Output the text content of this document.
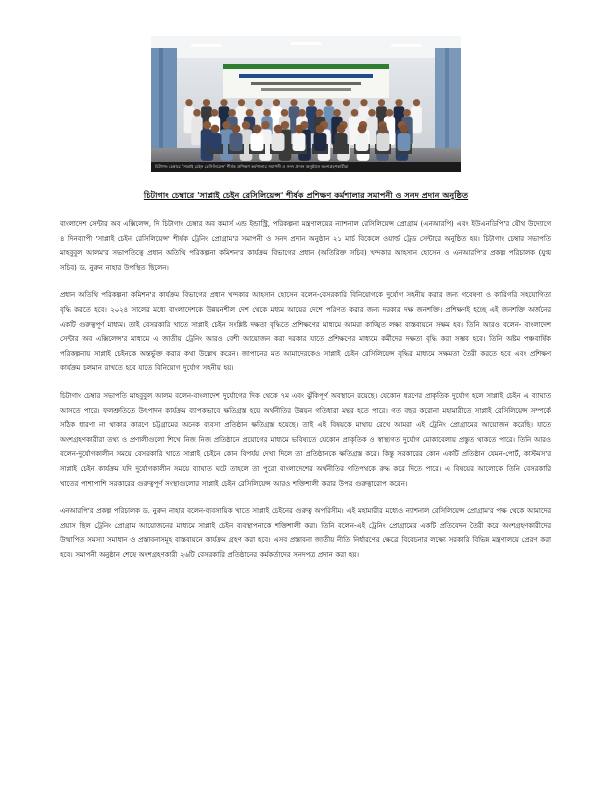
চিটাগাং চেম্বারে 'সাপ্লাই চেইন রেসিলিয়েন্স' শীর্ষক প্রশিক্ষণ কর্মশালার সমাপনী ও সনদ প্রদান অনুষ্ঠানে অংশগ্রহণকারীরা
চিটাগাং চেম্বারে 'সাপ্লাই চেইন রেসিলিয়েন্স' শীর্ষক প্রশিক্ষণ কর্মশালার সমাপনী ও সনদ প্রদান অনুষ্ঠিত

বাংলাদেশ সেন্টার অব এক্সিলেন্স, দি চিটাগাং চেম্বার অব কমার্স এন্ড ইন্ডাস্ট্রি, পরিকল্পনা মন্ত্রণালয়ের ন্যাশনাল রেসিলিয়েন্স প্রোগ্রাম (এনআরপি) এবং ইউএনডিপি'র যৌথ উদ্যোগে ৪ দিনব্যাপী 'সাপ্লাই চেইন রেসিলিয়েন্স' শীর্ষক ট্রেনিং প্রোগ্রাম'র সমাপনী ও সনদ প্রদান অনুষ্ঠান ২১ মার্চ বিকেলে ওয়ার্ল্ড ট্রেড সেন্টারে অনুষ্ঠিত হয়। চিটাগাং চেম্বার সভাপতি মাহবুবুল আলম'র সভাপতিত্বে প্রধান অতিথি পরিকল্পনা কমিশন'র কার্যক্রম বিভাগের প্রধান (অতিরিক্ত সচিব) খন্দকার আহসান হোসেন ও এনআরপি'র প্রকল্প পরিচালক (যুগ্ম সচিব) ড. নুরুন নাহার উপস্থিত ছিলেন।

প্রধান অতিথি পরিকল্পনা কমিশন'র কার্যক্রম বিভাগের প্রধান খন্দকার আহসান হোসেন বলেন-বেসরকারি বিনিয়োগকে দুর্যোগ সহনীয় করার জন্য গবেষণা ও কারিগরি সহযোগিতা বৃদ্ধি করতে হবে। ২০২৪ সালের মধ্যে বাংলাদেশকে উন্নয়নশীল দেশ থেকে মধ্যম আয়ের দেশে পরিণত করার জন্য দরকার দক্ষ জনশক্তি। প্রশিক্ষণই হচ্ছে এই জনশক্তি অর্জনের একটি গুরুত্বপূর্ণ মাধ্যম। তাই বেসরকারি খাতে সাপ্লাই চেইন সংশ্লিষ্ট দক্ষতা বৃদ্ধিতে প্রশিক্ষণের মাধ্যমে আমরা কাঙ্খিত লক্ষ্য বাস্তবায়নে সক্ষম হব। তিনি আরও বলেন- বাংলাদেশ সেন্টার অব এক্সিলেন্স'র মাধ্যমে এ জাতীয় ট্রেনিং আরও বেশী আয়োজন করা দরকার যাতে প্রশিক্ষণের মাধ্যমে কর্মীদের দক্ষতা বৃদ্ধি করা সম্ভব হবে। তিনি অষ্টম পঞ্চবার্ষিক পরিকল্পনায় সাপ্লাই চেইনকে অন্তর্ভুক্ত করার কথা উল্লেখ করেন। জাপানের মত আমাদেরকেও সাপ্লাই চেইন রেসিলিয়েন্স বৃদ্ধির মাধ্যমে সক্ষমতা তৈরী করতে হবে এবং প্রশিক্ষণ কার্যক্রম চলমান রাখতে হবে যাতে বিনিয়োগ দুর্যোগ সহনীয় হয়।

চিটাগাং চেম্বার সভাপতি মাহবুবুল আলম বলেন-বাংলাদেশ দুর্যোগের দিক থেকে ৭ম এবং ঝুঁকিপূর্ণ অবস্থানে রয়েছে। যেকোন ধরণের প্রাকৃতিক দুর্যোগ হলে সাপ্লাই চেইন এ ব্যাঘাত আসতে পারে। ফলশ্রুতিতে উৎপাদন কার্যক্রম ব্যাপকভাবে ক্ষতিগ্রস্ত হয়ে অর্থনীতির উন্নয়ন গতিধারা মন্থর হতে পারে। গত বছর করোনা মহামারীতে সাপ্লাই রেসিলিয়েন্স সম্পর্কে সঠিক ধারণা না থাকার কারণে চট্টগ্রামের অনেক ব্যবসা প্রতিষ্ঠান ক্ষতিগ্রস্ত হয়েছে। তাই এই বিষয়কে মাথায় রেখে আমরা এই ট্রেনিং প্রোগ্রামের আয়োজন করেছি। যাতে অংশগ্রহণকারীরা তথ্য ও প্রণালীগুলো শিখে নিজ নিজ প্রতিষ্ঠানে প্রয়োগের মাধ্যমে ভবিষ্যতে যেকোন প্রাকৃতিক ও স্বাস্থ্যগত দুর্যোগ মোকাবেলায় প্রস্তুত থাকতে পারে। তিনি আরও বলেন-দুর্যোগকালীন সময়ে বেসরকারি খাতে সাপ্লাই চেইনে কোন বিপর্যয় দেখা দিলে তা প্রতিষ্ঠানকে ক্ষতিগ্রস্ত করে। কিন্তু সরকারের কোন একটি প্রতিষ্ঠান যেমন-পোর্ট, কাস্টমস'র সাপ্লাই চেইন কার্যক্রম যদি দুর্যোগকালীন সময়ে ব্যাঘাত ঘটে তাহলে তা পুরো বাংলাদেশের অর্থনীতির গতিপথকে রুদ্ধ করে দিতে পারে। এ বিষয়ের আলোকে তিনি বেসরকারি খাতের পাশাপাশি সরকারের গুরুত্বপূর্ণ সংস্থাগুলোর সাপ্লাই চেইন রেসিলিয়েন্স আরও শক্তিশালী করার উপর গুরুত্বারোপ করেন।

এনআরপি'র প্রকল্প পরিচালক ড. নুরুন নাহার বলেন-ব্যবসায়িক খাতে সাপ্লাই চেইনের গুরুত্ব অপরিসীম। এই মহামারীর মধ্যেও ন্যাশনাল রেসিলিয়েন্স প্রোগ্রাম'র পক্ষ থেকে আমাদের প্রয়াস ছিল ট্রেনিং প্রোগ্রাম আয়োজনের মাধ্যমে সাপ্লাই চেইন ব্যবস্থাপনাকে শক্তিশালী করা। তিনি বলেন-এই ট্রেনিং প্রোগ্রামের একটি প্রতিবেদন তৈরী করে অংশগ্রহণকারীদের উত্থাপিত সমস্যা সমাধান ও প্রস্তাবনাসমূহ বাস্তবায়নে কার্যক্রম গ্রহণ করা হবে। এসব প্রস্তাবনা জাতীয় নীতি নির্ধারণের ক্ষেত্রে বিবেচনার লক্ষ্যে সরকারি বিভিন্ন মন্ত্রণালয়ে প্রেরণ করা হবে। সমাপনী অনুষ্ঠান শেষে অংশগ্রহণকারী ২৬টি বেসরকারি প্রতিষ্ঠানের কর্মকর্তাদের সনদপত্র প্রদান করা হয়।
